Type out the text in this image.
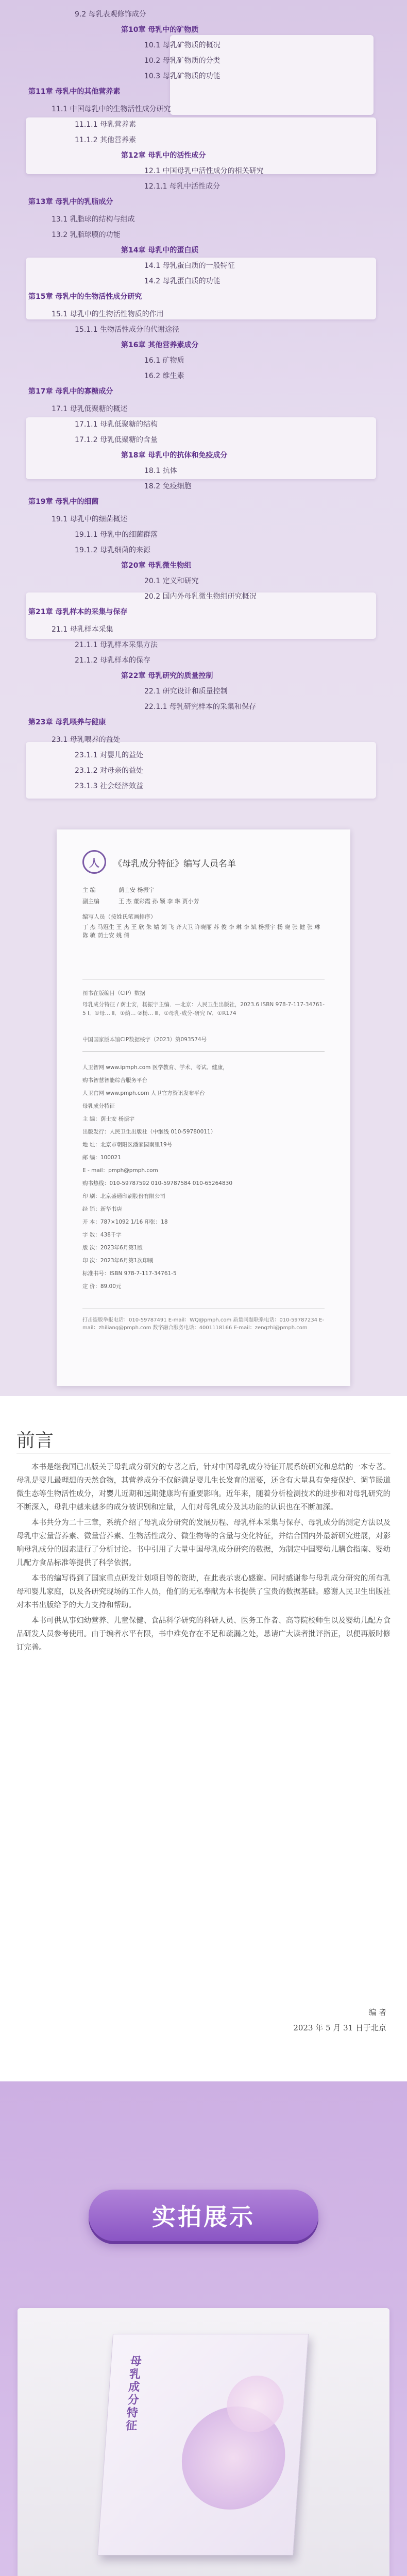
9.2 母乳表观修饰成分
第10章 母乳中的矿物质
10.1 母乳矿物质的概况
10.2 母乳矿物质的分类
10.3 母乳矿物质的功能
第11章 母乳中的其他营养素
11.1 中国母乳中的生物活性成分研究
11.1.1 母乳营养素
11.1.2 其他营养素
第12章 母乳中的活性成分
12.1 中国母乳中活性成分的相关研究
12.1.1 母乳中活性成分
第13章 母乳中的乳脂成分
13.1 乳脂球的结构与组成
13.2 乳脂球膜的功能
第14章 母乳中的蛋白质
14.1 母乳蛋白质的一般特征
14.2 母乳蛋白质的功能
第15章 母乳中的生物活性成分研究
15.1 母乳中的生物活性物质的作用
15.1.1 生物活性成分的代谢途径
第16章 其他营养素成分
16.1 矿物质
16.2 维生素
第17章 母乳中的寡糖成分
17.1 母乳低聚糖的概述
17.1.1 母乳低聚糖的结构
17.1.2 母乳低聚糖的含量
第18章 母乳中的抗体和免疫成分
18.1 抗体
18.2 免疫细胞
第19章 母乳中的细菌
19.1 母乳中的细菌概述
19.1.1 母乳中的细菌群落
19.1.2 母乳细菌的来源
第20章 母乳微生物组
20.1 定义和研究
20.2 国内外母乳微生物组研究概况
第21章 母乳样本的采集与保存
21.1 母乳样本采集
21.1.1 母乳样本采集方法
21.1.2 母乳样本的保存
第22章 母乳研究的质量控制
22.1 研究设计和质量控制
22.1.1 母乳研究样本的采集和保存
第23章 母乳喂养与健康
23.1 母乳喂养的益处
23.1.1 对婴儿的益处
23.1.2 对母亲的益处
23.1.3 社会经济效益
人	《母乳成分特征》编写人员名单
主 编	荫士安 杨振宇
副主编	王 杰 董彩霞 孙 颖 李 琳 贾小芳
编写人员（按姓氏笔画排序）
丁 杰 马冠生 王 杰 王 欣 朱 婧 刘 飞 齐大卫 许晓丽 苏 俊 李 琳 李 斌 杨振宇 杨 晓 张 健 张 琳 陈 敏 荫士安 姚 倩
图书在版编目（CIP）数据
母乳成分特征 / 荫士安，杨振宇主编．—北京：人民卫生出版社，2023.6 ISBN 978-7-117-34761-5 Ⅰ．①母… Ⅱ．①荫… ②杨… Ⅲ．①母乳-成分-研究 Ⅳ．①R174
中国国家版本馆CIP数据核字（2023）第093574号
人卫智网 www.ipmph.com 医学教育、学术、考试、健康，
购书智慧智能综合服务平台
人卫官网 www.pmph.com 人卫官方资讯发布平台
母乳成分特征
主 编：荫士安 杨振宇
出版发行：人民卫生出版社（中继线 010-59780011）
地 址：北京市朝阳区潘家园南里19号
邮 编：100021
E - mail：pmph@pmph.com
购书热线：010-59787592 010-59787584 010-65264830
印 刷：北京盛通印刷股份有限公司
经 销：新华书店
开 本：787×1092 1/16 印张：18
字 数：438千字
版 次：2023年6月第1版
印 次：2023年6月第1次印刷
标准书号：ISBN 978-7-117-34761-5
定 价：89.00元
打击盗版举报电话：010-59787491 E-mail：WQ@pmph.com 质量问题联系电话：010-59787234 E-mail：zhiliang@pmph.com 数字融合服务电话：4001118166 E-mail：zengzhi@pmph.com
前言

本书是继我国已出版关于母乳成分研究的专著之后，针对中国母乳成分特征开展系统研究和总结的一本专著。母乳是婴儿最理想的天然食物，其营养成分不仅能满足婴儿生长发育的需要，还含有大量具有免疫保护、调节肠道微生态等生物活性成分，对婴儿近期和远期健康均有重要影响。近年来，随着分析检测技术的进步和对母乳研究的不断深入，母乳中越来越多的成分被识别和定量，人们对母乳成分及其功能的认识也在不断加深。

本书共分为二十三章，系统介绍了母乳成分研究的发展历程、母乳样本采集与保存、母乳成分的测定方法以及母乳中宏量营养素、微量营养素、生物活性成分、微生物等的含量与变化特征，并结合国内外最新研究进展，对影响母乳成分的因素进行了分析讨论。书中引用了大量中国母乳成分研究的数据，为制定中国婴幼儿膳食指南、婴幼儿配方食品标准等提供了科学依据。

本书的编写得到了国家重点研发计划项目等的资助，在此表示衷心感谢。同时感谢参与母乳成分研究的所有乳母和婴儿家庭，以及各研究现场的工作人员，他们的无私奉献为本书提供了宝贵的数据基础。感谢人民卫生出版社对本书出版给予的大力支持和帮助。

本书可供从事妇幼营养、儿童保健、食品科学研究的科研人员、医务工作者、高等院校师生以及婴幼儿配方食品研发人员参考使用。由于编者水平有限，书中难免存在不足和疏漏之处，恳请广大读者批评指正，以便再版时修订完善。

编 者
2023 年 5 月 31 日于北京
实拍展示
母乳成分特征
